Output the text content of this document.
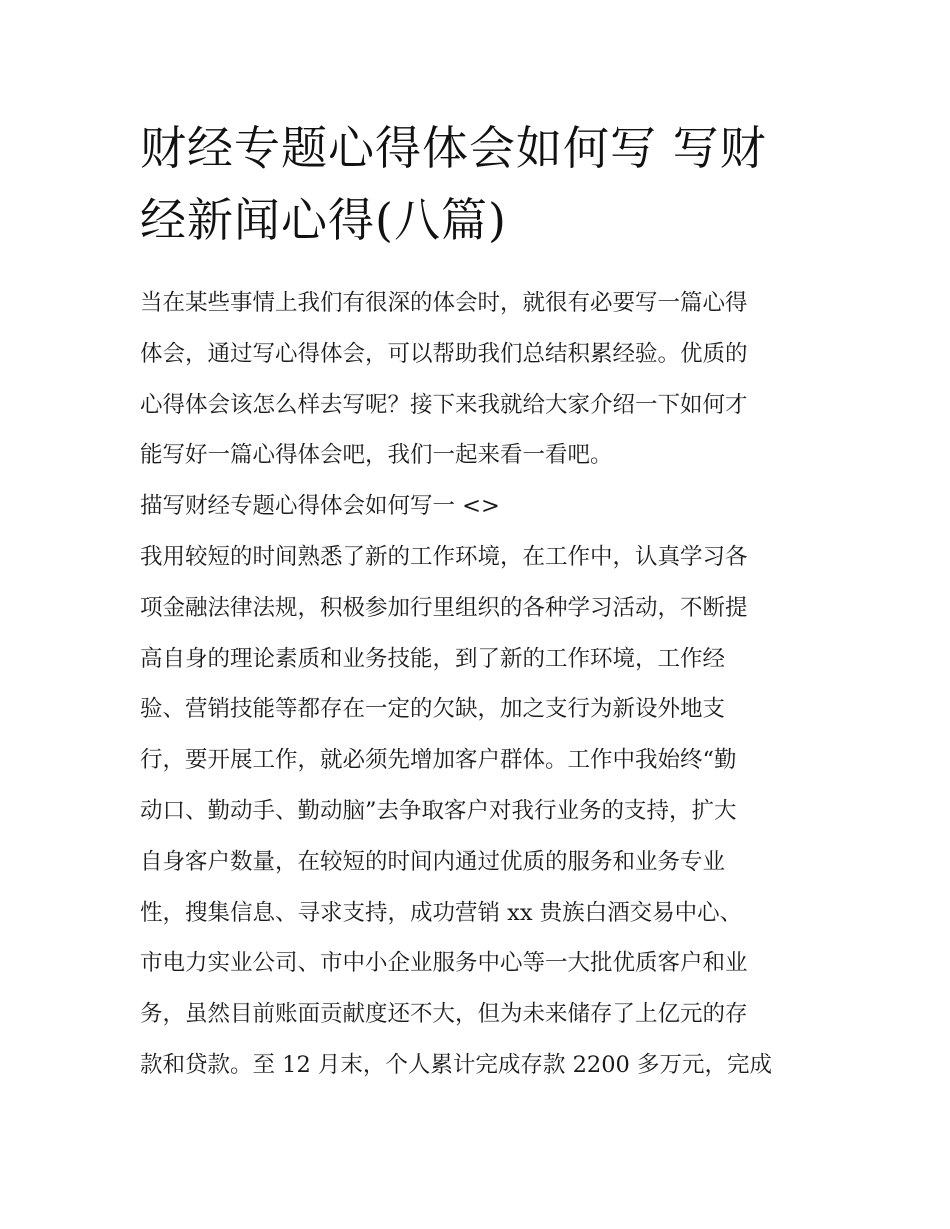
财经专题心得体会如何写 写财
经新闻心得(八篇)
当在某些事情上我们有很深的体会时，就很有必要写一篇心得
体会，通过写心得体会，可以帮助我们总结积累经验。优质的
心得体会该怎么样去写呢？接下来我就给大家介绍一下如何才
能写好一篇心得体会吧，我们一起来看一看吧。
描写财经专题心得体会如何写一 <>
我用较短的时间熟悉了新的工作环境，在工作中，认真学习各
项金融法律法规，积极参加行里组织的各种学习活动，不断提
高自身的理论素质和业务技能，到了新的工作环境，工作经
验、营销技能等都存在一定的欠缺，加之支行为新设外地支
行，要开展工作，就必须先增加客户群体。工作中我始终“勤
动口、勤动手、勤动脑”去争取客户对我行业务的支持，扩大
自身客户数量，在较短的时间内通过优质的服务和业务专业
性，搜集信息、寻求支持，成功营销 xx 贵族白酒交易中心、
市电力实业公司、市中小企业服务中心等一大批优质客户和业
务，虽然目前账面贡献度还不大，但为未来储存了上亿元的存
款和贷款。至 12 月末，个人累计完成存款 2200 多万元，完成
